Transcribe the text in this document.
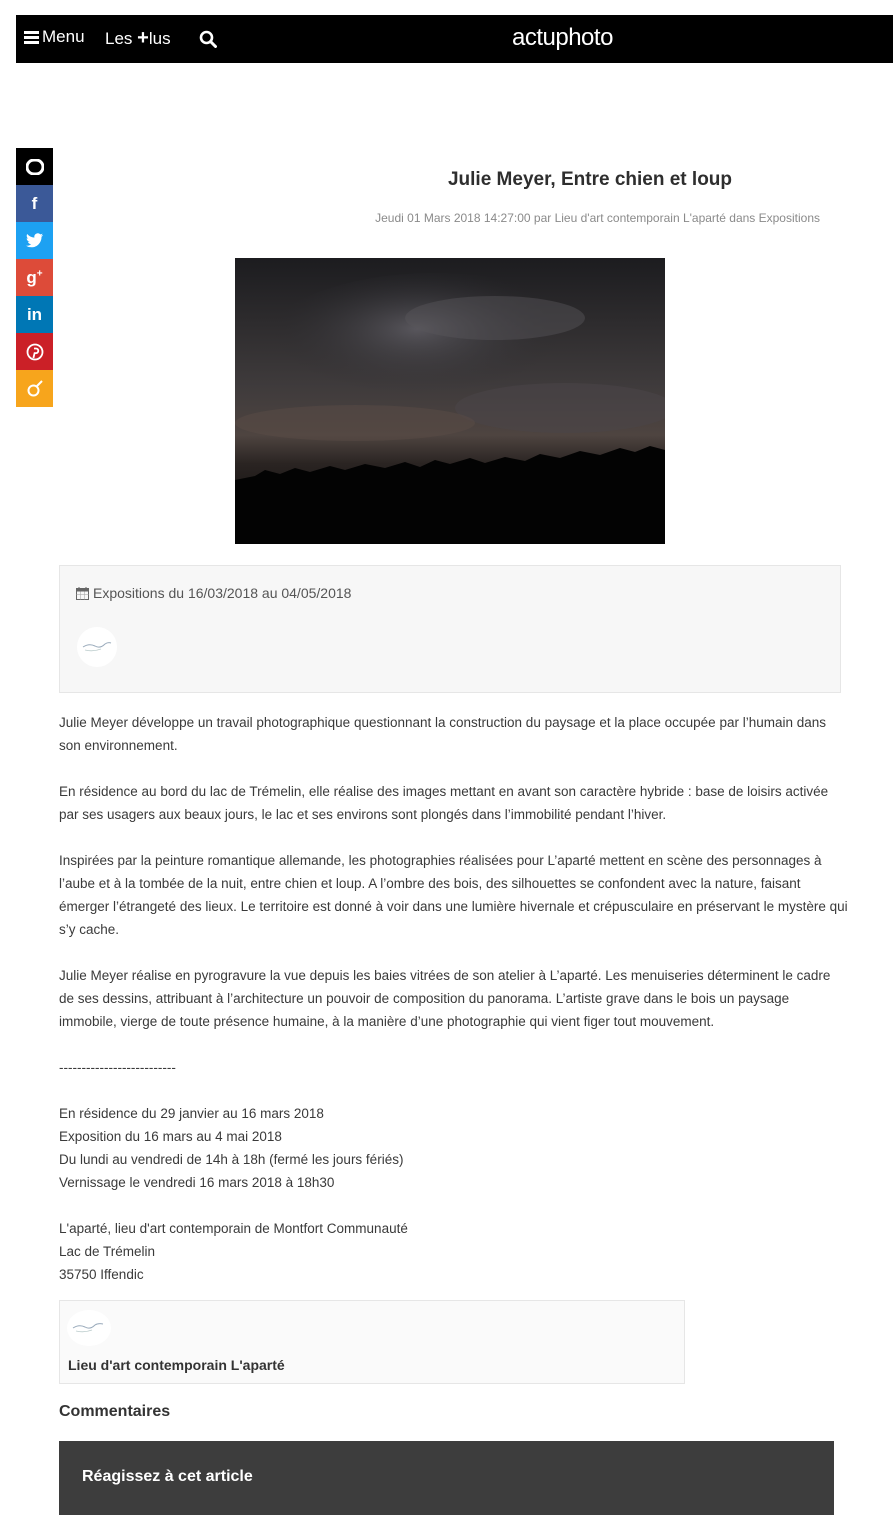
Menu Les +lus	actuphoto
f
g+
in
Julie Meyer, Entre chien et loup
Jeudi 01 Mars 2018 14:27:00 par Lieu d'art contemporain L'aparté dans Expositions
Expositions du 16/03/2018 au 04/05/2018

Julie Meyer développe un travail photographique questionnant la construction du paysage et la place occupée par l’humain dans son environnement.

En résidence au bord du lac de Trémelin, elle réalise des images mettant en avant son caractère hybride : base de loisirs activée par ses usagers aux beaux jours, le lac et ses environs sont plongés dans l’immobilité pendant l’hiver.

Inspirées par la peinture romantique allemande, les photographies réalisées pour L’aparté mettent en scène des personnages à l’aube et à la tombée de la nuit, entre chien et loup. A l’ombre des bois, des silhouettes se confondent avec la nature, faisant émerger l’étrangeté des lieux. Le territoire est donné à voir dans une lumière hivernale et crépusculaire en préservant le mystère qui s’y cache.

Julie Meyer réalise en pyrogravure la vue depuis les baies vitrées de son atelier à L’aparté. Les menuiseries déterminent le cadre de ses dessins, attribuant à l’architecture un pouvoir de composition du panorama. L’artiste grave dans le bois un paysage immobile, vierge de toute présence humaine, à la manière d’une photographie qui vient figer tout mouvement.

--------------------------

En résidence du 29 janvier au 16 mars 2018

Exposition du 16 mars au 4 mai 2018

Du lundi au vendredi de 14h à 18h (fermé les jours fériés)

Vernissage le vendredi 16 mars 2018 à 18h30

L'aparté, lieu d'art contemporain de Montfort Communauté

Lac de Trémelin

35750 Iffendic

Lieu d'art contemporain L'aparté
Commentaires
Réagissez à cet article
